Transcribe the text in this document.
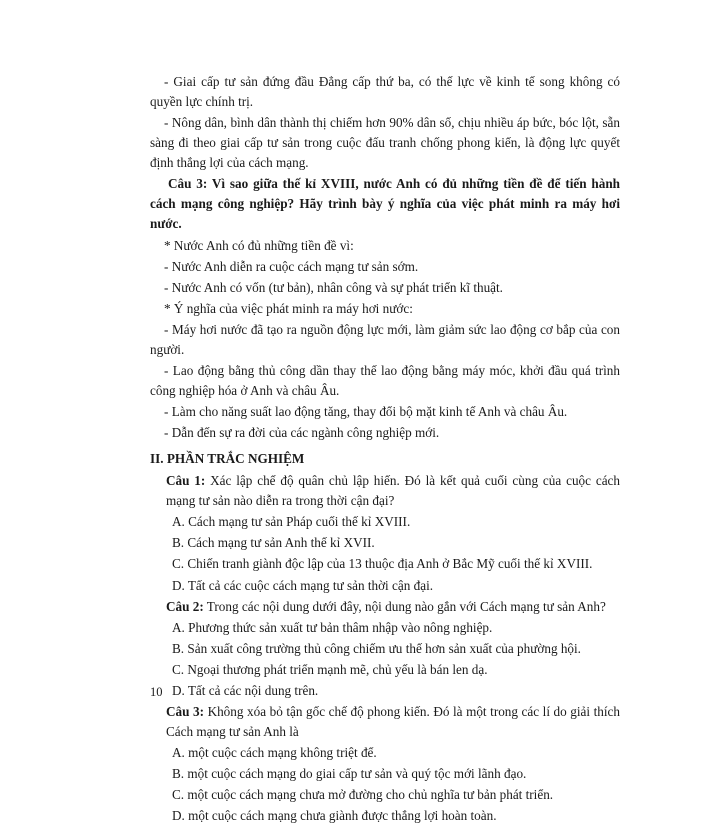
- Giai cấp tư sản đứng đầu Đẳng cấp thứ ba, có thế lực về kinh tế song không có quyền lực chính trị.

- Nông dân, bình dân thành thị chiếm hơn 90% dân số, chịu nhiều áp bức, bóc lột, sẵn sàng đi theo giai cấp tư sản trong cuộc đấu tranh chống phong kiến, là động lực quyết định thắng lợi của cách mạng.

Câu 3: Vì sao giữa thế kỉ XVIII, nước Anh có đủ những tiền đề để tiến hành cách mạng công nghiệp? Hãy trình bày ý nghĩa của việc phát minh ra máy hơi nước.

* Nước Anh có đủ những tiền đề vì:

- Nước Anh diễn ra cuộc cách mạng tư sản sớm.

- Nước Anh có vốn (tư bản), nhân công và sự phát triển kĩ thuật.

* Ý nghĩa của việc phát minh ra máy hơi nước:

- Máy hơi nước đã tạo ra nguồn động lực mới, làm giảm sức lao động cơ bắp của con người.

- Lao động bằng thủ công dần thay thế lao động bằng máy móc, khởi đầu quá trình công nghiệp hóa ở Anh và châu Âu.

- Làm cho năng suất lao động tăng, thay đổi bộ mặt kinh tế Anh và châu Âu.

- Dẫn đến sự ra đời của các ngành công nghiệp mới.

II. PHẦN TRẮC NGHIỆM

Câu 1: Xác lập chế độ quân chủ lập hiến. Đó là kết quả cuối cùng của cuộc cách mạng tư sản nào diễn ra trong thời cận đại?

A. Cách mạng tư sản Pháp cuối thế kỉ XVIII.

B. Cách mạng tư sản Anh thế kỉ XVII.

C. Chiến tranh giành độc lập của 13 thuộc địa Anh ở Bắc Mỹ cuối thế kỉ XVIII.

D. Tất cả các cuộc cách mạng tư sản thời cận đại.

Câu 2: Trong các nội dung dưới đây, nội dung nào gắn với Cách mạng tư sản Anh?

A. Phương thức sản xuất tư bản thâm nhập vào nông nghiệp.

B. Sản xuất công trường thủ công chiếm ưu thế hơn sản xuất của phường hội.

C. Ngoại thương phát triển mạnh mẽ, chủ yếu là bán len dạ.

D. Tất cả các nội dung trên.

Câu 3: Không xóa bỏ tận gốc chế độ phong kiến. Đó là một trong các lí do giải thích Cách mạng tư sản Anh là

A. một cuộc cách mạng không triệt để.

B. một cuộc cách mạng do giai cấp tư sản và quý tộc mới lãnh đạo.

C. một cuộc cách mạng chưa mở đường cho chủ nghĩa tư bản phát triển.

D. một cuộc cách mạng chưa giành được thắng lợi hoàn toàn.

10
